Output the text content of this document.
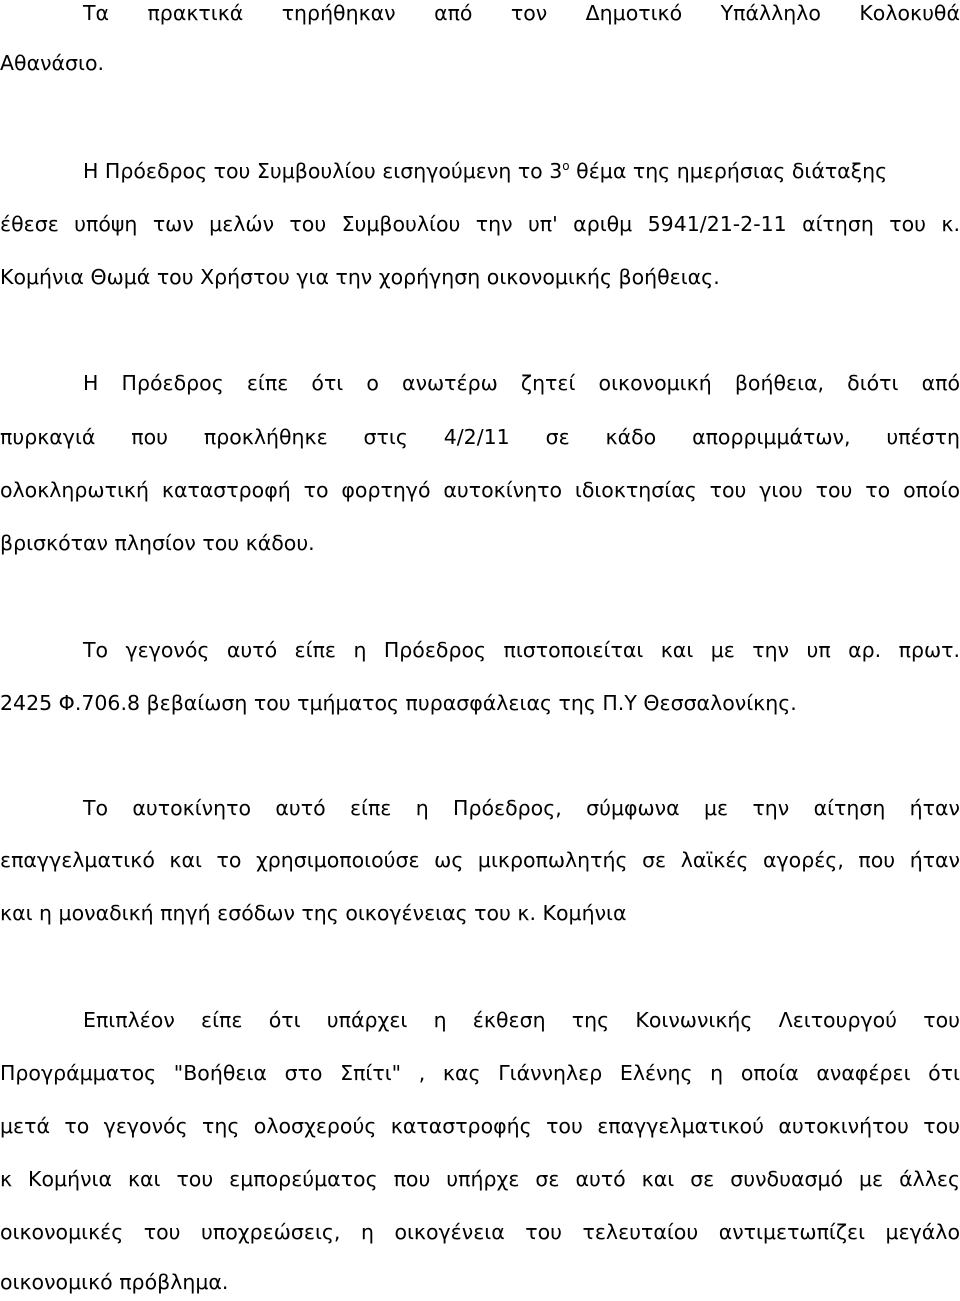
Τα πρακτικά τηρήθηκαν από τον Δημοτικό Υπάλληλο Κολοκυθά
Αθανάσιο.
Η Πρόεδρος του Συμβουλίου εισηγούμενη το $3^o$ θέμα της ημερήσιας διάταξης
έθεσε υπόψη των μελών του Συμβουλίου την υπ' αριθμ 5941/21-2-11 αίτηση του κ.
Κομήνια Θωμά του Χρήστου για την χορήγηση οικονομικής βοήθειας.
Η Πρόεδρος είπε ότι ο ανωτέρω ζητεί οικονομική βοήθεια, διότι από
πυρκαγιά που προκλήθηκε στις 4/2/11 σε κάδο απορριμμάτων, υπέστη
ολοκληρωτική καταστροφή το φορτηγό αυτοκίνητο ιδιοκτησίας του γιου του το οποίο
βρισκόταν πλησίον του κάδου.
Το γεγονός αυτό είπε η Πρόεδρος πιστοποιείται και με την υπ αρ. πρωτ.
2425 Φ.706.8 βεβαίωση του τμήματος πυρασφάλειας της Π.Υ Θεσσαλονίκης.
Το αυτοκίνητο αυτό είπε η Πρόεδρος, σύμφωνα με την αίτηση ήταν
επαγγελματικό και το χρησιμοποιούσε ως μικροπωλητής σε λαϊκές αγορές, που ήταν
και η μοναδική πηγή εσόδων της οικογένειας του κ. Κομήνια
Επιπλέον είπε ότι υπάρχει η έκθεση της Κοινωνικής Λειτουργού του
Προγράμματος "Βοήθεια στο Σπίτι" , κας Γιάννηλερ Ελένης η οποία αναφέρει ότι
μετά το γεγονός της ολοσχερούς καταστροφής του επαγγελματικού αυτοκινήτου του
κ Κομήνια και του εμπορεύματος που υπήρχε σε αυτό και σε συνδυασμό με άλλες
οικονομικές του υποχρεώσεις, η οικογένεια του τελευταίου αντιμετωπίζει μεγάλο
οικονομικό πρόβλημα.
